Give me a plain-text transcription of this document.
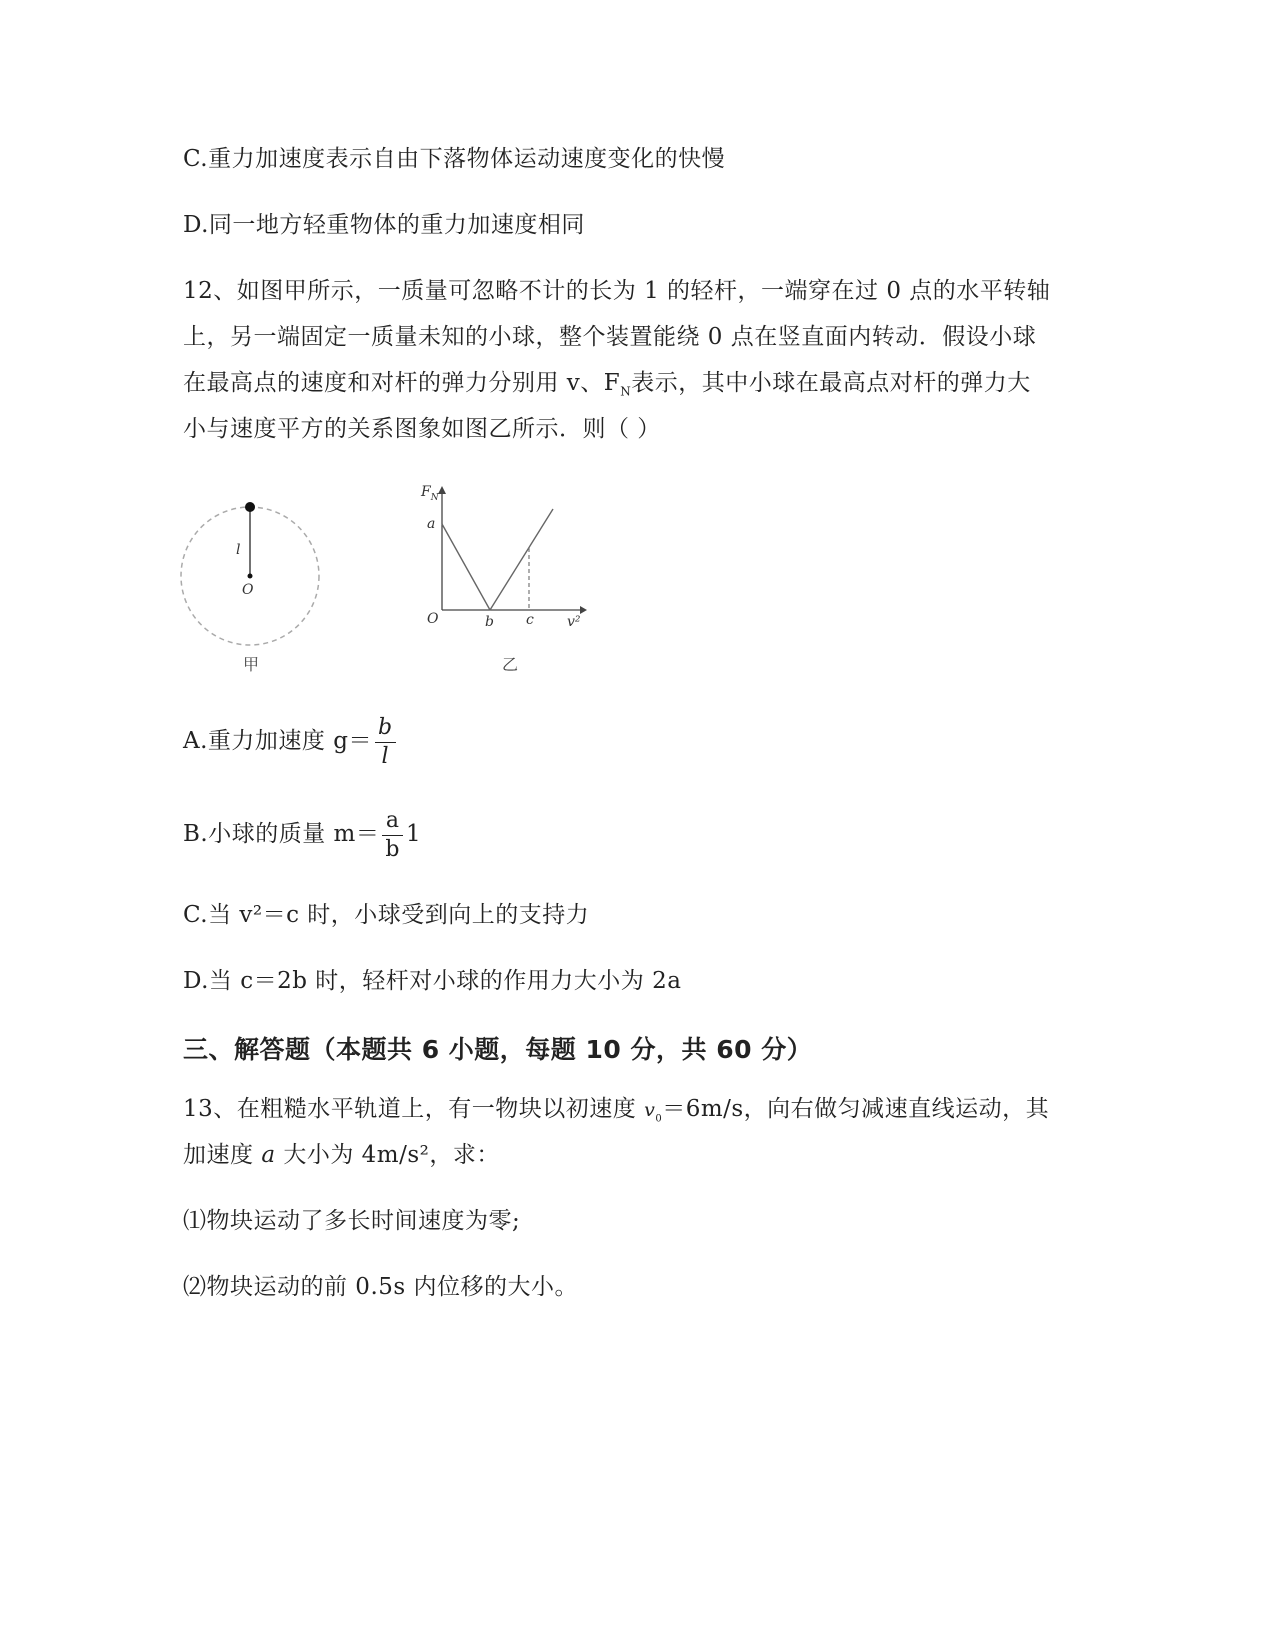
C.重力加速度表示自由下落物体运动速度变化的快慢
D.同一地方轻重物体的重力加速度相同
12、如图甲所示，一质量可忽略不计的长为 1 的轻杆，一端穿在过 0 点的水平转轴
上，另一端固定一质量未知的小球，整个装置能绕 0 点在竖直面内转动．假设小球
在最高点的速度和对杆的弹力分别用 v、$F_N$表示，其中小球在最高点对杆的弹力大
小与速度平方的关系图象如图乙所示．则（ ）
l
O
甲
$F_N$
a
O	b c v²
乙
A.重力加速度 $g= \frac{b}{l}$
B.小球的质量 $m= \frac{a}{b} 1$
C.当 v²＝c 时，小球受到向上的支持力
D.当 c＝2b 时，轻杆对小球的作用力大小为 2a
三、解答题（本题共 6 小题，每题 10 分，共 60 分）
13、在粗糙水平轨道上，有一物块以初速度 $v_0=6m/s$，向右做匀减速直线运动，其
加速度 a 大小为 4m/s²，求：
⑴物块运动了多长时间速度为零;
⑵物块运动的前 0.5s 内位移的大小。
